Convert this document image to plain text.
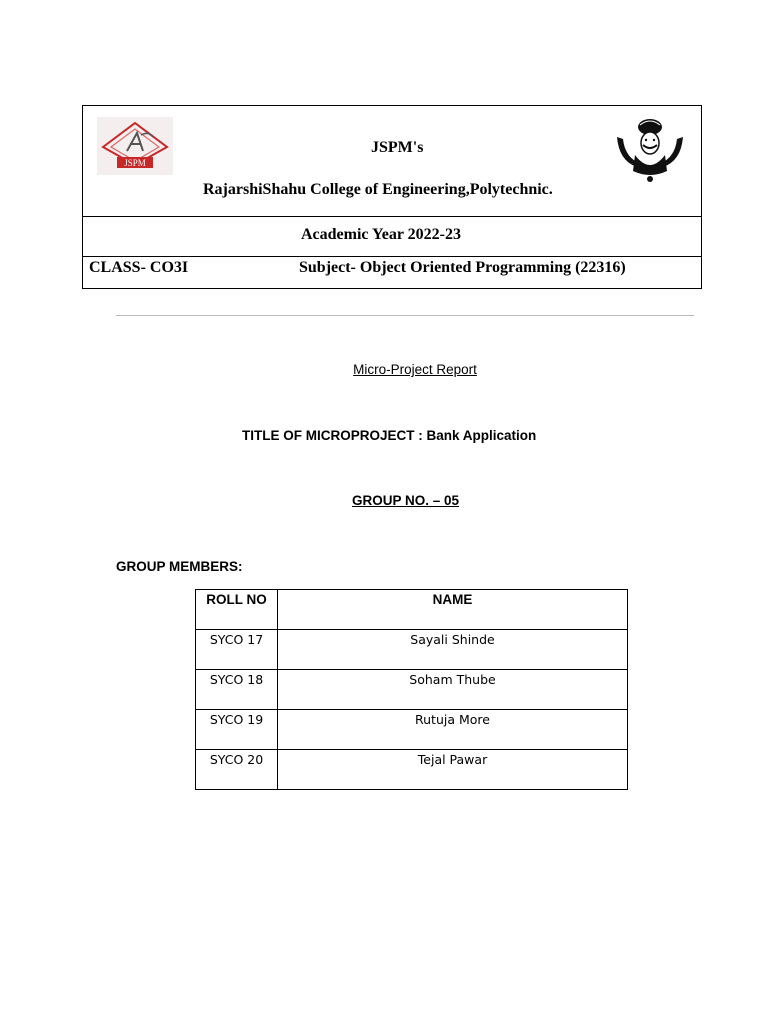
JSPM
JSPM's
RajarshiShahu College of Engineering,Polytechnic.
Academic Year 2022-23
CLASS- CO3I	Subject- Object Oriented Programming (22316)
Micro-Project Report
TITLE OF MICROPROJECT : Bank Application
GROUP NO. – 05
GROUP MEMBERS:
ROLL NO	NAME
SYCO 17	Sayali Shinde
SYCO 18	Soham Thube
SYCO 19	Rutuja More
SYCO 20	Tejal Pawar
